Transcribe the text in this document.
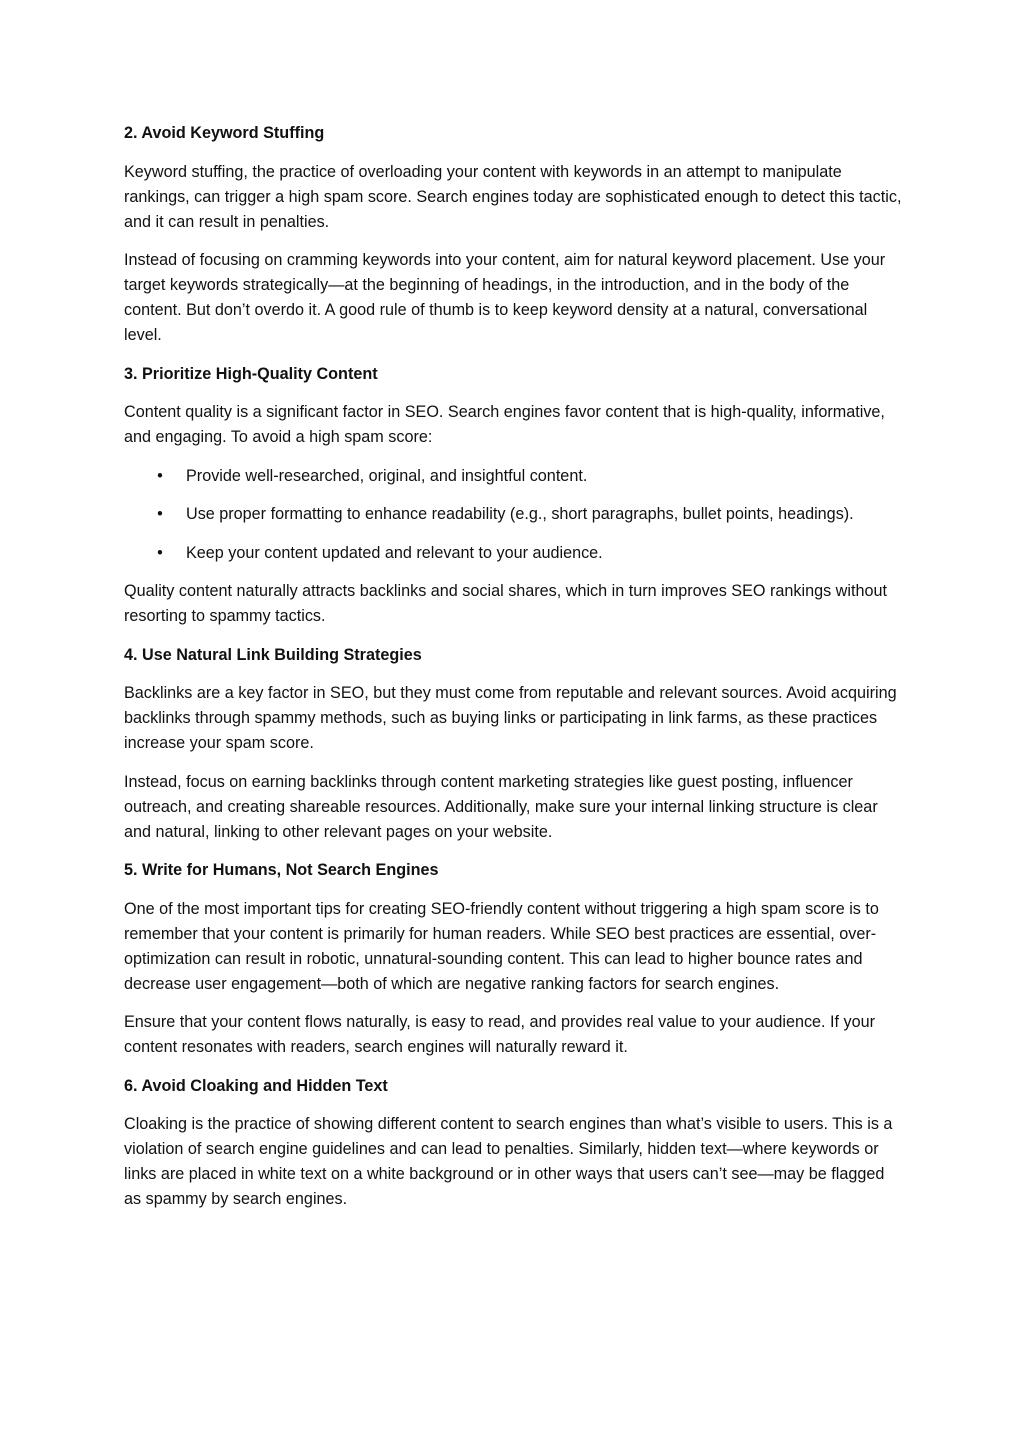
2. Avoid Keyword Stuffing
Keyword stuffing, the practice of overloading your content with keywords in an attempt to manipulate rankings, can trigger a high spam score. Search engines today are sophisticated enough to detect this tactic, and it can result in penalties.
Instead of focusing on cramming keywords into your content, aim for natural keyword placement. Use your target keywords strategically—at the beginning of headings, in the introduction, and in the body of the content. But don’t overdo it. A good rule of thumb is to keep keyword density at a natural, conversational level.
3. Prioritize High-Quality Content
Content quality is a significant factor in SEO. Search engines favor content that is high-quality, informative, and engaging. To avoid a high spam score:
• Provide well-researched, original, and insightful content.
• Use proper formatting to enhance readability (e.g., short paragraphs, bullet points, headings).
• Keep your content updated and relevant to your audience.
Quality content naturally attracts backlinks and social shares, which in turn improves SEO rankings without resorting to spammy tactics.
4. Use Natural Link Building Strategies
Backlinks are a key factor in SEO, but they must come from reputable and relevant sources. Avoid acquiring backlinks through spammy methods, such as buying links or participating in link farms, as these practices increase your spam score.
Instead, focus on earning backlinks through content marketing strategies like guest posting, influencer outreach, and creating shareable resources. Additionally, make sure your internal linking structure is clear and natural, linking to other relevant pages on your website.
5. Write for Humans, Not Search Engines
One of the most important tips for creating SEO-friendly content without triggering a high spam score is to remember that your content is primarily for human readers. While SEO best practices are essential, over-optimization can result in robotic, unnatural-sounding content. This can lead to higher bounce rates and decrease user engagement—both of which are negative ranking factors for search engines.
Ensure that your content flows naturally, is easy to read, and provides real value to your audience. If your content resonates with readers, search engines will naturally reward it.
6. Avoid Cloaking and Hidden Text
Cloaking is the practice of showing different content to search engines than what’s visible to users. This is a violation of search engine guidelines and can lead to penalties. Similarly, hidden text—where keywords or links are placed in white text on a white background or in other ways that users can’t see—may be flagged as spammy by search engines.
